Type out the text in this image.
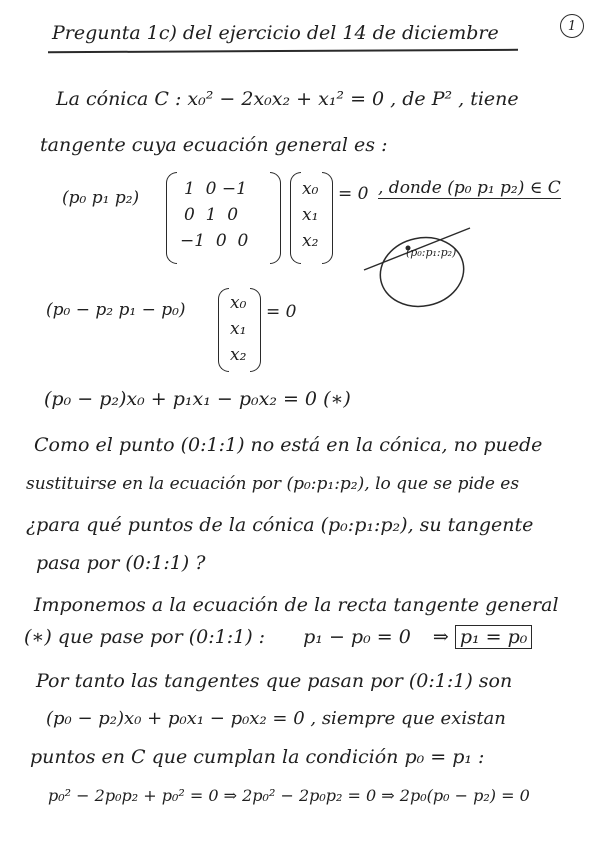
Pregunta 1c) del ejercicio del 14 de diciembre	1
La cónica C : x₀² − 2x₀x₂ + x₁² = 0 , de P² , tiene
tangente cuya ecuación general es :
(p₀ p₁ p₂)	1  0 −1
0  1  0
−1  0  0
x₀
x₁
x₂
= 0 , donde (p₀ p₁ p₂) ∈ C
(p₀:p₁:p₂)
(p₀ − p₂ p₁ − p₀)	x₀
x₁
x₂
= 0
(p₀ − p₂)x₀ + p₁x₁ − p₀x₂ = 0 (∗)
Como el punto (0:1:1) no está en la cónica, no puede
sustituirse en la ecuación por (p₀:p₁:p₂), lo que se pide es
¿para qué puntos de la cónica (p₀:p₁:p₂), su tangente
pasa por (0:1:1) ?
Imponemos a la ecuación de la recta tangente general
(∗) que pase por (0:1:1) : p₁ − p₀ = 0 ⇒ p₁ = p₀
Por tanto las tangentes que pasan por (0:1:1) son
(p₀ − p₂)x₀ + p₀x₁ − p₀x₂ = 0 , siempre que existan
puntos en C que cumplan la condición p₀ = p₁ :
p₀² − 2p₀p₂ + p₀² = 0 ⇒ 2p₀² − 2p₀p₂ = 0 ⇒ 2p₀(p₀ − p₂) = 0
